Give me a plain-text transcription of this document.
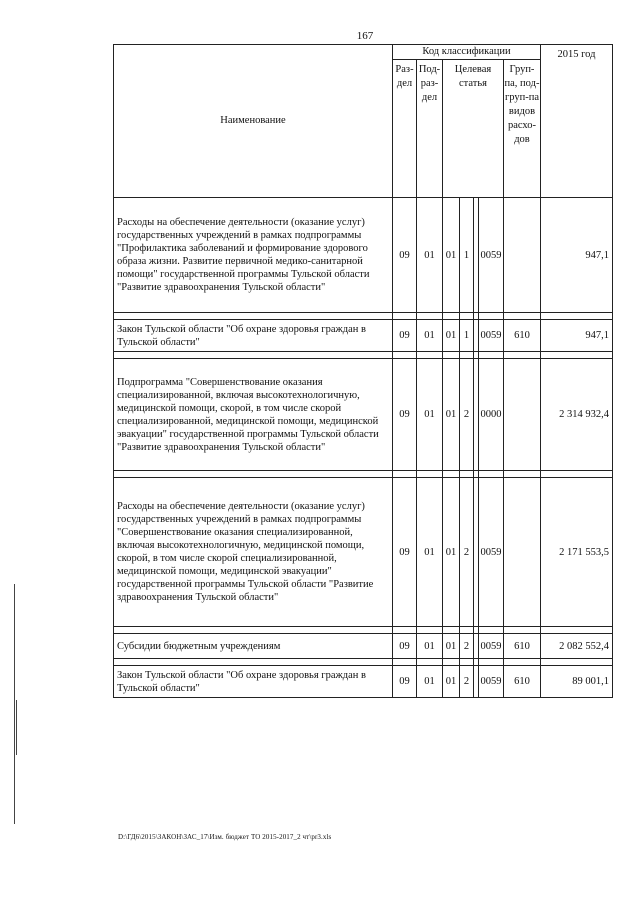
167
Наименование	Код классификации							2015 год
	Раз-дел	Под-раз-дел	Целевая статья				Груп-па, под-груп-па видов расхо-дов	
Расходы на обеспечение деятельности (оказание услуг) государственных учреждений в рамках подпрограммы "Профилактика заболеваний и формирование здорового образа жизни. Развитие первичной медико-санитарной помощи" государственной программы Тульской области "Развитие здравоохранения Тульской области"	09	01	01	1		0059		947,1

Закон Тульской области "Об охране здоровья граждан в Тульской области"	09	01	01	1		0059	610	947,1

Подпрограмма "Совершенствование оказания специализированной, включая высокотехнологичную, медицинской помощи, скорой, в том числе скорой специализированной, медицинской помощи, медицинской эвакуации" государственной программы Тульской области "Развитие здравоохранения Тульской области"	09	01	01	2		0000		2 314 932,4

Расходы на обеспечение деятельности (оказание услуг) государственных учреждений в рамках подпрограммы "Совершенствование оказания специализированной, включая высокотехнологичную, медицинской помощи, скорой, в том числе скорой специализированной, медицинской помощи, медицинской эвакуации" государственной программы Тульской области "Развитие здравоохранения Тульской области"	09	01	01	2		0059		2 171 553,5

Субсидии бюджетным учреждениям	09	01	01	2		0059	610	2 082 552,4

Закон Тульской области "Об охране здоровья граждан в Тульской области"	09	01	01	2		0059	610	89 001,1
D:\ГД6\2015\ЗАКОН\ЗАС_17\Изм. бюджет ТО 2015-2017_2 чт\pr3.xls
